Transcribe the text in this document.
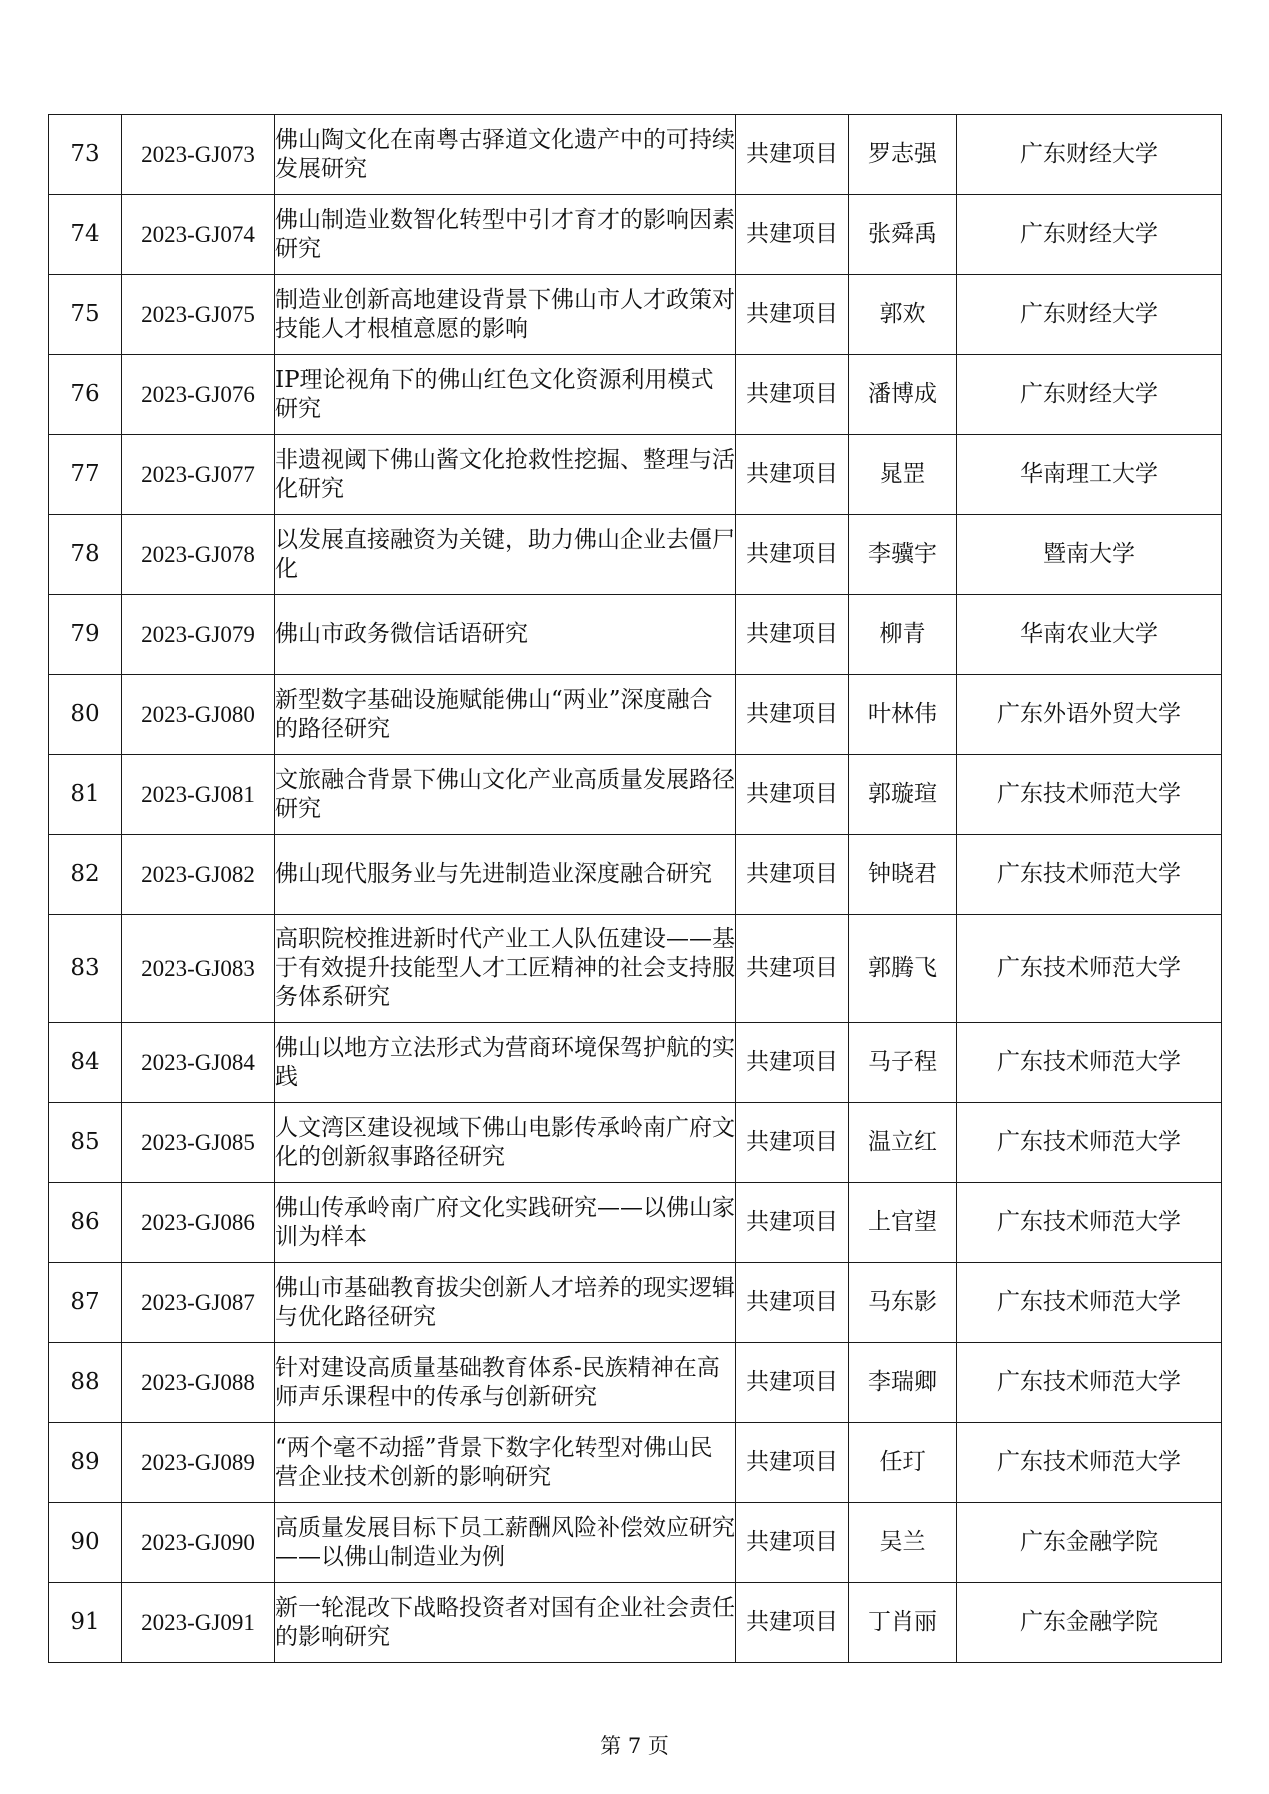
73	2023-GJ073	佛山陶文化在南粤古驿道文化遗产中的可持续发展研究	共建项目	罗志强	广东财经大学
74	2023-GJ074	佛山制造业数智化转型中引才育才的影响因素研究	共建项目	张舜禹	广东财经大学
75	2023-GJ075	制造业创新高地建设背景下佛山市人才政策对技能人才根植意愿的影响	共建项目	郭欢	广东财经大学
76	2023-GJ076	IP理论视角下的佛山红色文化资源利用模式研究	共建项目	潘博成	广东财经大学
77	2023-GJ077	非遗视阈下佛山酱文化抢救性挖掘、整理与活化研究	共建项目	晁罡	华南理工大学
78	2023-GJ078	以发展直接融资为关键，助力佛山企业去僵尸化	共建项目	李骥宇	暨南大学
79	2023-GJ079	佛山市政务微信话语研究	共建项目	柳青	华南农业大学
80	2023-GJ080	新型数字基础设施赋能佛山“两业”深度融合的路径研究	共建项目	叶林伟	广东外语外贸大学
81	2023-GJ081	文旅融合背景下佛山文化产业高质量发展路径研究	共建项目	郭璇瑄	广东技术师范大学
82	2023-GJ082	佛山现代服务业与先进制造业深度融合研究	共建项目	钟晓君	广东技术师范大学
83	2023-GJ083	高职院校推进新时代产业工人队伍建设——基于有效提升技能型人才工匠精神的社会支持服务体系研究	共建项目	郭腾飞	广东技术师范大学
84	2023-GJ084	佛山以地方立法形式为营商环境保驾护航的实践	共建项目	马子程	广东技术师范大学
85	2023-GJ085	人文湾区建设视域下佛山电影传承岭南广府文化的创新叙事路径研究	共建项目	温立红	广东技术师范大学
86	2023-GJ086	佛山传承岭南广府文化实践研究——以佛山家训为样本	共建项目	上官望	广东技术师范大学
87	2023-GJ087	佛山市基础教育拔尖创新人才培养的现实逻辑与优化路径研究	共建项目	马东影	广东技术师范大学
88	2023-GJ088	针对建设高质量基础教育体系-民族精神在高师声乐课程中的传承与创新研究	共建项目	李瑞卿	广东技术师范大学
89	2023-GJ089	“两个毫不动摇”背景下数字化转型对佛山民营企业技术创新的影响研究	共建项目	任玎	广东技术师范大学
90	2023-GJ090	高质量发展目标下员工薪酬风险补偿效应研究——以佛山制造业为例	共建项目	吴兰	广东金融学院
91	2023-GJ091	新一轮混改下战略投资者对国有企业社会责任的影响研究	共建项目	丁肖丽	广东金融学院
第 7 页
